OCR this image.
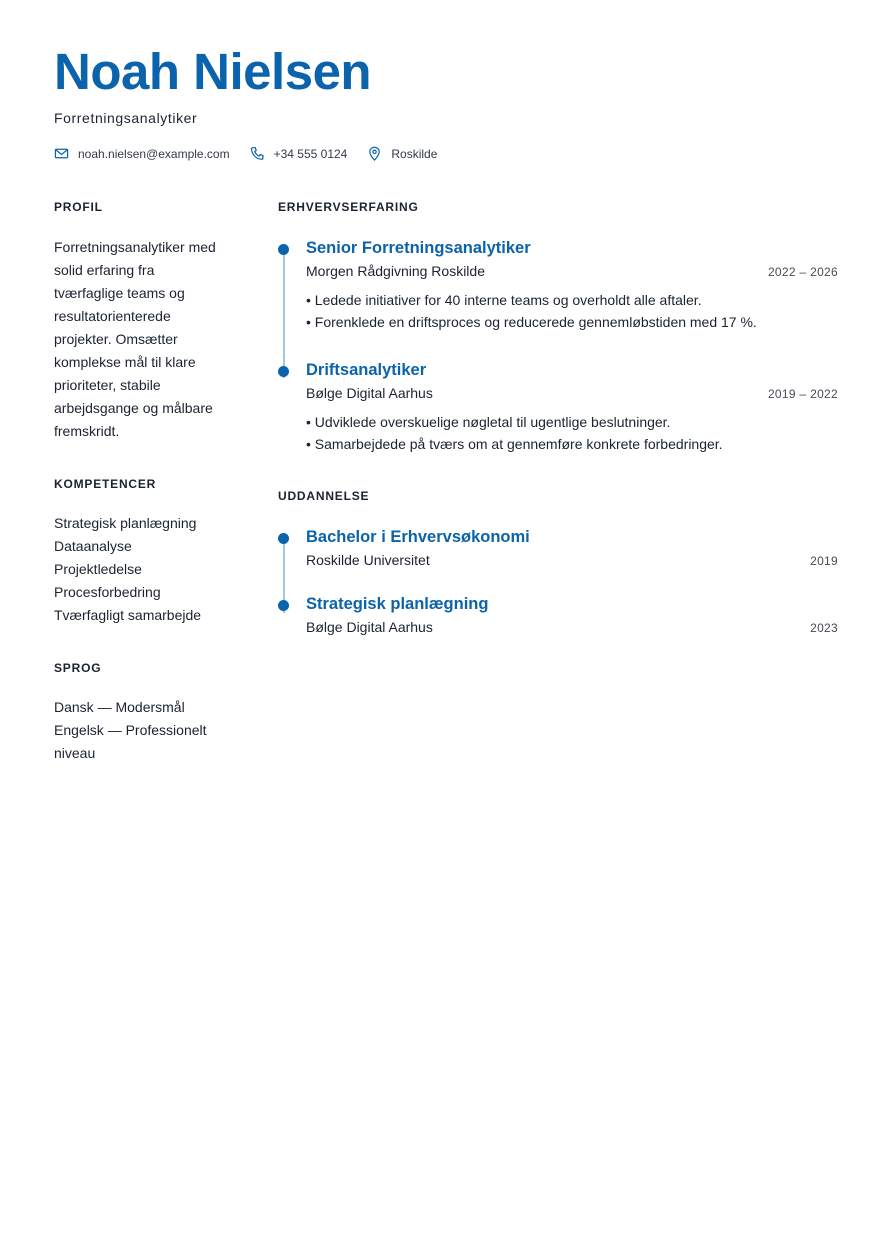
Noah Nielsen
Forretningsanalytiker
noah.nielsen@example.com	+34 555 0124	Roskilde
PROFIL
Forretningsanalytiker med
solid erfaring fra
tværfaglige teams og
resultatorienterede
projekter. Omsætter
komplekse mål til klare
prioriteter, stabile
arbejdsgange og målbare
fremskridt.
KOMPETENCER
Strategisk planlægning
Dataanalyse
Projektledelse
Procesforbedring
Tværfagligt samarbejde
SPROG
Dansk — Modersmål
Engelsk — Professionelt
niveau
ERHVERVSERFARING
Senior Forretningsanalytiker
Morgen Rådgivning Roskilde	2022 – 2026
• Ledede initiativer for 40 interne teams og overholdt alle aftaler.
• Forenklede en driftsproces og reducerede gennemløbstiden med 17 %.
Driftsanalytiker
Bølge Digital Aarhus	2019 – 2022
• Udviklede overskuelige nøgletal til ugentlige beslutninger.
• Samarbejdede på tværs om at gennemføre konkrete forbedringer.
UDDANNELSE
Bachelor i Erhvervsøkonomi
Roskilde Universitet	2019
Strategisk planlægning
Bølge Digital Aarhus	2023
